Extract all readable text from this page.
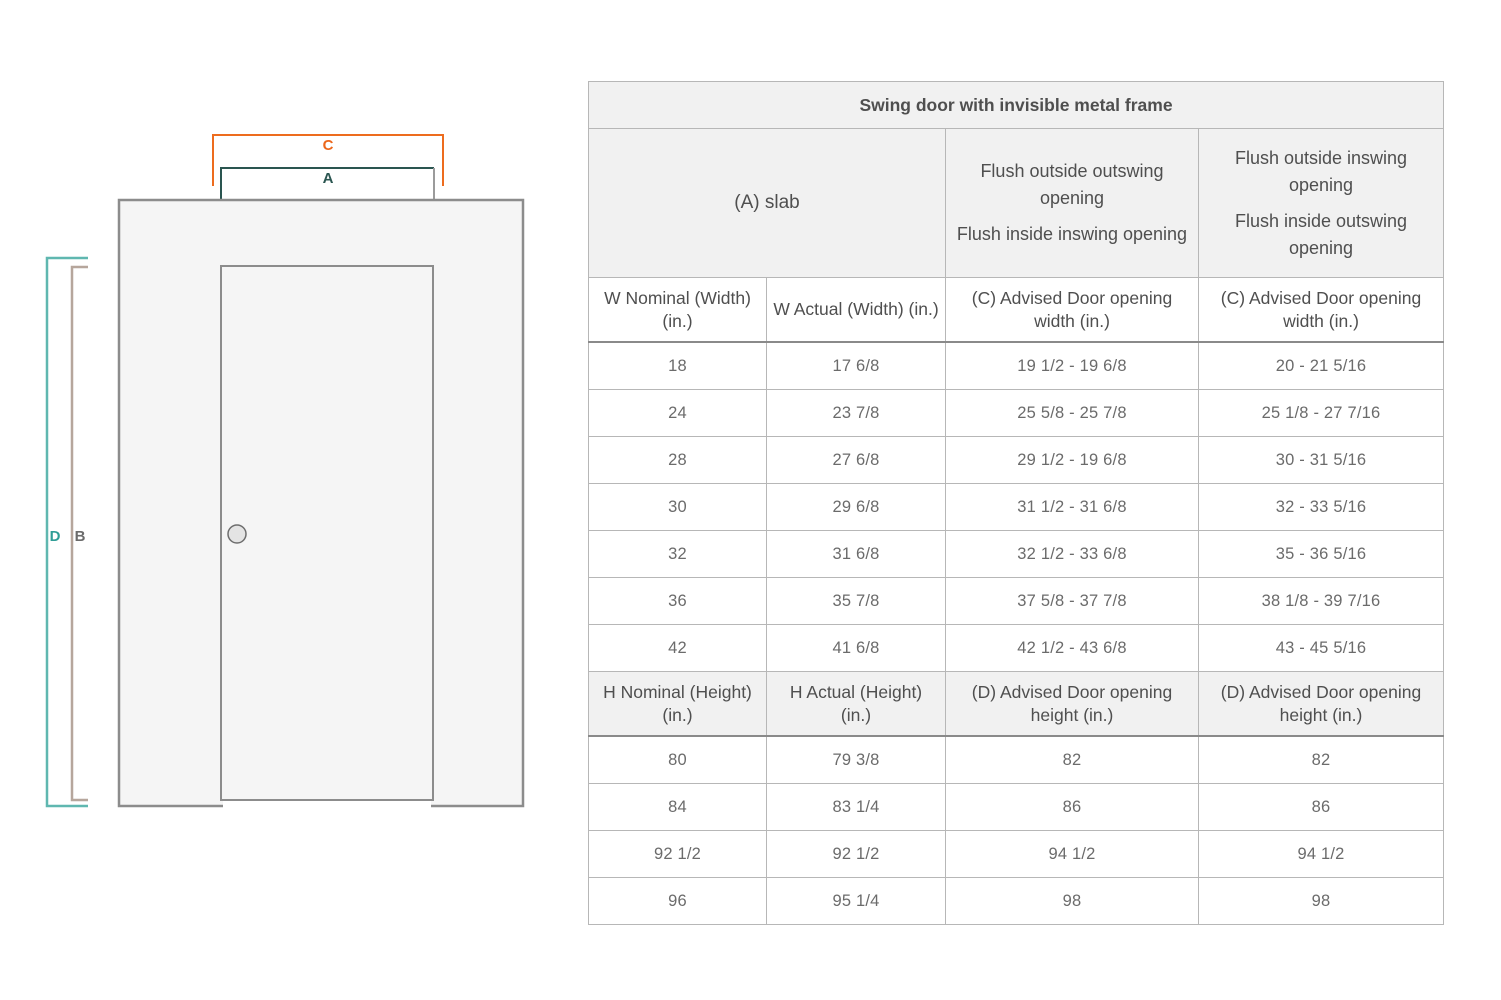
C
A
D B
Swing door with invisible metal frame			
(A) slab	
Flush outside outswing opening
Flush inside inswing opening

Flush outside inswing opening
Flush inside outswing opening

W Nominal (Width) (in.)	W Actual (Width) (in.)	(C) Advised Door opening width (in.)	(C) Advised Door opening width (in.)
18	17 6/8	19 1/2 - 19 6/8	20 - 21 5/16
24	23 7/8	25 5/8 - 25 7/8	25 1/8 - 27 7/16
28	27 6/8	29 1/2 - 19 6/8	30 - 31 5/16
30	29 6/8	31 1/2 - 31 6/8	32 - 33 5/16
32	31 6/8	32 1/2 - 33 6/8	35 - 36 5/16
36	35 7/8	37 5/8 - 37 7/8	38 1/8 - 39 7/16
42	41 6/8	42 1/2 - 43 6/8	43 - 45 5/16
H Nominal (Height) (in.)	H Actual (Height) (in.)	(D) Advised Door opening height (in.)	(D) Advised Door opening height (in.)
80	79 3/8	82	82
84	83 1/4	86	86
92 1/2	92 1/2	94 1/2	94 1/2
96	95 1/4	98	98
